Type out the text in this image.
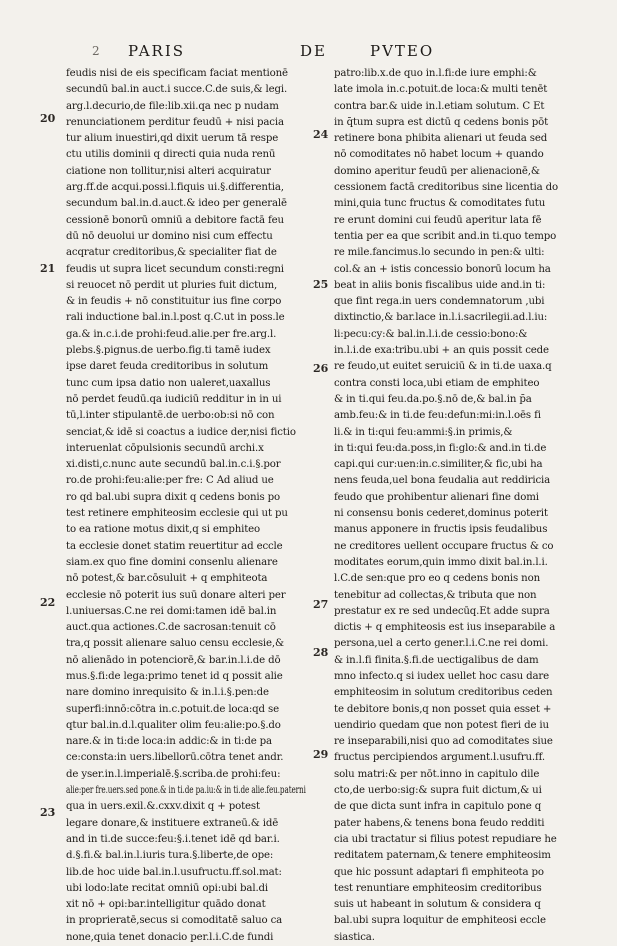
2 PARIS	DE	PVTEO
20
21
22
23
24
25
26
27
28
29
feudis nisi de eis specificam faciat mentionē
secundū bal.in auct.i succe.C.de suis,& legi.
arg.l.decurio,de file:lib.xii.qa nec p nudam
renunciationem perditur feudū + nisi pacia
tur alium inuestiri,qd dixit uerum tā respe
ctu utilis dominii q directi quia nuda renū
ciatione non tollitur,nisi alteri acquiratur
arg.ff.de acqui.possi.l.fiquis ui.§.differentia,
secundum bal.in.d.auct.& ideo per generalē
cessionē bonorū omniū a debitore factā feu
dū nō deuolui ur domino nisi cum effectu
acqratur creditoribus,& specialiter fiat de
feudis ut supra licet secundum consti:regni
si reuocet nō perdit ut pluries fuit dictum,
& in feudis + nō constituitur ius fine corpo
rali inductione bal.in.l.post q.C.ut in poss.le
ga.& in.c.i.de prohi:feud.alie.per fre.arg.l.
plebs.§.pignus.de uerbo.fig.ti tamē iudex
ipse daret feuda creditoribus in solutum
tunc cum ipsa datio non ualeret,uaxallus
nō perdet feudū.qa iudiciū redditur in in ui
tū,l.inter stipulantē.de uerbo:ob:si nō con
senciat,& idē si coactus a iudice der,nisi fictio
interuenlat cōpulsionis secundū archi.x
xi.disti,c.nunc aute secundū bal.in.c.i.§.por
ro.de prohi:feu:alie:per fre: C Ad aliud ue
ro qd bal.ubi supra dixit q cedens bonis po
test retinere emphiteosim ecclesie qui ut pu
to ea ratione motus dixit,q si emphiteo
ta ecclesie donet statim reuertitur ad eccle
siam.ex quo fine domini consenlu alienare
nō potest,& bar.cōsuluit + q emphiteota
ecclesie nō poterit ius suū donare alteri per
l.uniuersas.C.ne rei domi:tamen idē bal.in
auct.qua actiones.C.de sacrosan:tenuit cō
tra,q possit alienare saluo censu ecclesie,&
nō alienādo in potenciorē,& bar.in.l.i.de dō
mus.§.fi:de lega:primo tenet id q possit alie
nare domino inrequisito & in.l.i.§.pen:de
superfi:innō:cōtra in.c.potuit.de loca:qd se
qtur bal.in.d.l.qualiter olim feu:alie:po.§.do
nare.& in ti:de loca:in addic:& in ti:de pa
ce:consta:in uers.libellorū.cōtra tenet andr.
de yser.in.l.imperialē.§.scriba.de prohi:feu:
alie:per fre.uers.sed pone.& in ti.de pa.iu:& in ti.de alie.feu.paterni
qua in uers.exil.&.cxxv.dixit q + potest
legare donare,& instituere extraneū.& idē
and in ti.de succe:feu:§.i.tenet idē qd bar.i.
d.§.fi.& bal.in.l.iuris tura.§.liberte,de ope:
lib.de hoc uide bal.in.l.usufructu.ff.sol.mat:
ubi lodo:late recitat omniū opi:ubi bal.di
xit nō + opi:bar.intelligitur quādo donat
in proprieratē,secus si comoditatē saluo ca
none,quia tenet donacio per.l.i.C.de fundi
patro:lib.x.de quo in.l.fi:de iure emphi:&
late imola in.c.potuit.de loca:& multi tenēt
contra bar.& uide in.l.etiam solutum. C Et
in q̄tum supra est dictū q cedens bonis pōt
retinere bona phibita alienari ut feuda sed
nō comoditates nō habet locum + quando
domino aperitur feudū per alienacionē,&
cessionem factā creditoribus sine licentia do
mini,quia tunc fructus & comoditates futu
re erunt domini cui feudū aperitur lata fē
tentia per ea que scribit and.in ti.quo tempo
re mile.fancimus.lo secundo in pen:& ulti:
col.& an + istis concessio bonorū locum ha
beat in aliis bonis fiscalibus uide and.in ti:
que fint rega.in uers condemnatorum ,ubi
dixtinctio,& bar.lace in.l.i.sacrilegii.ad.l.iu:
li:pecu:cy:& bal.in.l.i.de cessio:bono:&
in.l.i.de exa:tribu.ubi + an quis possit cede
re feudo,ut euitet seruiciū & in ti.de uaxa.q
contra consti loca,ubi etiam de emphiteo
& in ti.qui feu.da.po.§.nō de,& bal.in p̄a
amb.feu:& in ti.de feu:defun:mi:in.l.oēs fi
li.& in ti:qui feu:ammi:§.in primis,&
in ti:qui feu:da.poss,in fi:glo:& and.in ti.de
capi.qui cur:uen:in.c.similiter,& fic,ubi ha
nens feuda,uel bona feudalia aut reddiricia
feudo que prohibentur alienari fine domi
ni consensu bonis cederet,dominus poterit
manus apponere in fructis ipsis feudalibus
ne creditores uellent occupare fructus & co
moditates eorum,quin immo dixit bal.in.l.i.
l.C.de sen:que pro eo q cedens bonis non
tenebitur ad collectas,& tributa que non
prestatur ex re sed undecūq.Et adde supra
dictis + q emphiteosis est ius inseparabile a
persona,uel a certo gener.l.i.C.ne rei domi.
& in.l.fi finita.§.fi.de uectigalibus de dam
mno infecto.q si iudex uellet hoc casu dare
emphiteosim in solutum creditoribus ceden
te debitore bonis,q non posset quia esset +
uendirio quedam que non potest fieri de iu
re inseparabili,nisi quo ad comoditates siue
fructus percipiendos argument.l.usufru.ff.
solu matri:& per nōt.inno in capitulo dile
cto,de uerbo:sig:& supra fuit dictum,& ui
de que dicta sunt infra in capitulo pone q
pater habens,& tenens bona feudo redditi
cia ubi tractatur si filius potest repudiare he
reditatem paternam,& tenere emphiteosim
que hic possunt adaptari fi emphiteota po
test renuntiare emphiteosim creditoribus
suis ut habeant in solutum & considera q
bal.ubi supra loquitur de emphiteosi eccle
siastica.
